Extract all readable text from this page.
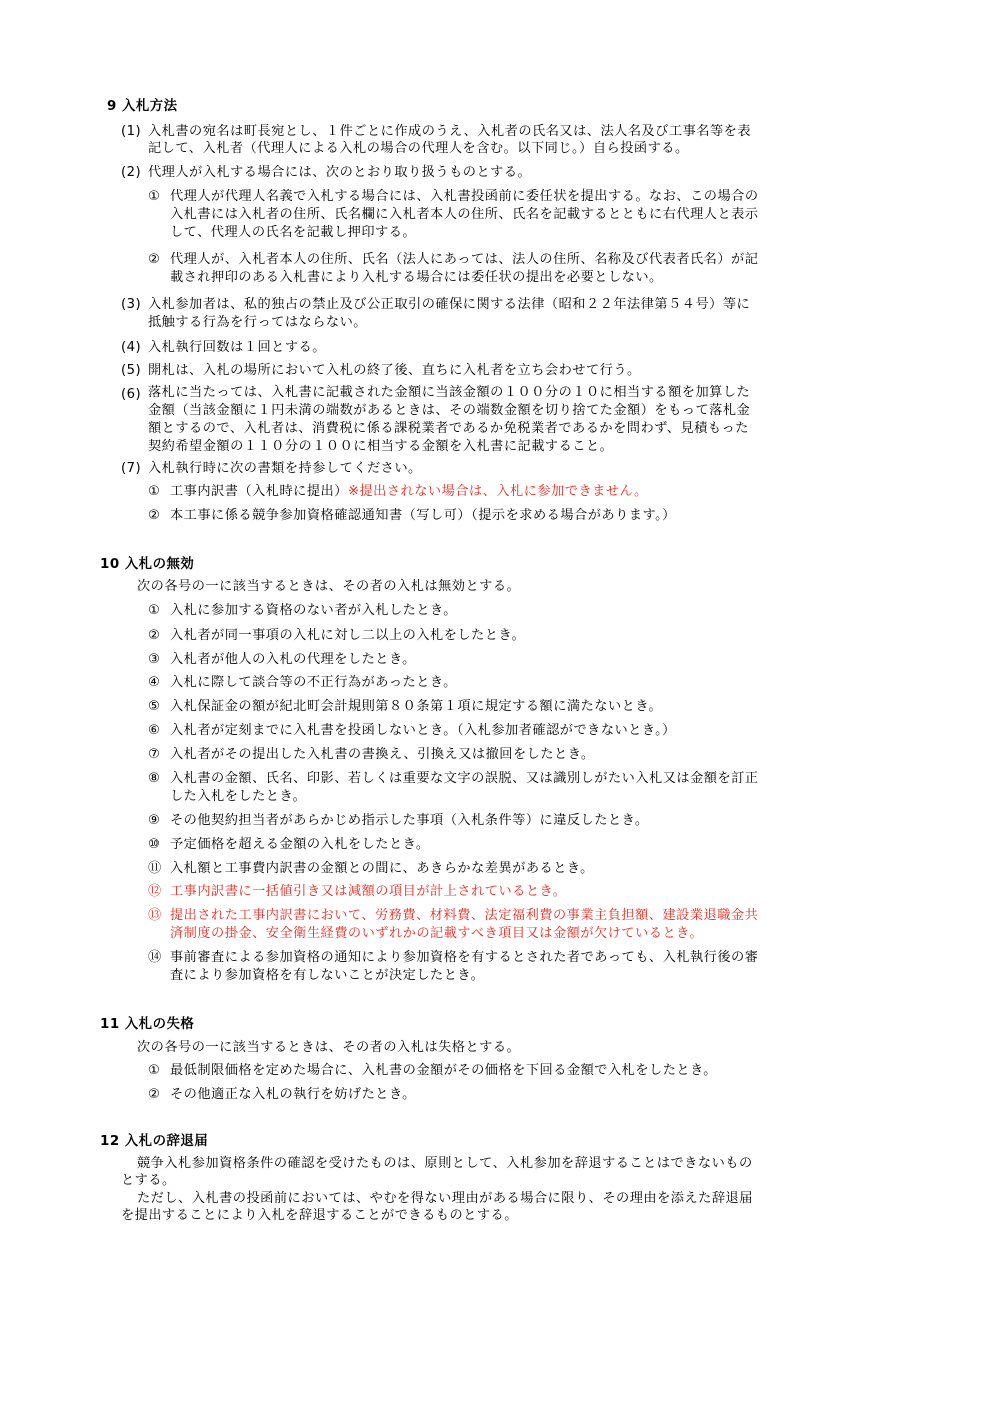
9 入札方法

(1) 入札書の宛名は町長宛とし、１件ごとに作成のうえ、入札者の氏名又は、法人名及び工事名等を表

記して、入札者（代理人による入札の場合の代理人を含む。以下同じ。）自ら投函する。

(2) 代理人が入札する場合には、次のとおり取り扱うものとする。

① 代理人が代理人名義で入札する場合には、入札書投函前に委任状を提出する。なお、この場合の

入札書には入札者の住所、氏名欄に入札者本人の住所、氏名を記載するとともに右代理人と表示

して、代理人の氏名を記載し押印する。

② 代理人が、入札者本人の住所、氏名（法人にあっては、法人の住所、名称及び代表者氏名）が記

載され押印のある入札書により入札する場合には委任状の提出を必要としない。

(3) 入札参加者は、私的独占の禁止及び公正取引の確保に関する法律（昭和２２年法律第５４号）等に

抵触する行為を行ってはならない。

(4) 入札執行回数は１回とする。

(5) 開札は、入札の場所において入札の終了後、直ちに入札者を立ち会わせて行う。

(6) 落札に当たっては、入札書に記載された金額に当該金額の１００分の１０に相当する額を加算した

金額（当該金額に１円未満の端数があるときは、その端数金額を切り捨てた金額）をもって落札金

額とするので、入札者は、消費税に係る課税業者であるか免税業者であるかを問わず、見積もった

契約希望金額の１１０分の１００に相当する金額を入札書に記載すること。

(7) 入札執行時に次の書類を持参してください。

① 工事内訳書（入札時に提出）※提出されない場合は、入札に参加できません。

② 本工事に係る競争参加資格確認通知書（写し可）（提示を求める場合があります。）

10 入札の無効

次の各号の一に該当するときは、その者の入札は無効とする。

① 入札に参加する資格のない者が入札したとき。

② 入札者が同一事項の入札に対し二以上の入札をしたとき。

③ 入札者が他人の入札の代理をしたとき。

④ 入札に際して談合等の不正行為があったとき。

⑤ 入札保証金の額が紀北町会計規則第８０条第１項に規定する額に満たないとき。

⑥ 入札者が定刻までに入札書を投函しないとき。（入札参加者確認ができないとき。）

⑦ 入札者がその提出した入札書の書換え、引換え又は撤回をしたとき。

⑧ 入札書の金額、氏名、印影、若しくは重要な文字の誤脱、又は識別しがたい入札又は金額を訂正

した入札をしたとき。

⑨ その他契約担当者があらかじめ指示した事項（入札条件等）に違反したとき。

⑩ 予定価格を超える金額の入札をしたとき。

⑪ 入札額と工事費内訳書の金額との間に、あきらかな差異があるとき。

⑫ 工事内訳書に一括値引き又は減額の項目が計上されているとき。

⑬ 提出された工事内訳書において、労務費、材料費、法定福利費の事業主負担額、建設業退職金共

済制度の掛金、安全衛生経費のいずれかの記載すべき項目又は金額が欠けているとき。

⑭ 事前審査による参加資格の通知により参加資格を有するとされた者であっても、入札執行後の審

査により参加資格を有しないことが決定したとき。

11 入札の失格

次の各号の一に該当するときは、その者の入札は失格とする。

① 最低制限価格を定めた場合に、入札書の金額がその価格を下回る金額で入札をしたとき。

② その他適正な入札の執行を妨げたとき。

12 入札の辞退届

競争入札参加資格条件の確認を受けたものは、原則として、入札参加を辞退することはできないもの

とする。

ただし、入札書の投函前においては、やむを得ない理由がある場合に限り、その理由を添えた辞退届

を提出することにより入札を辞退することができるものとする。
